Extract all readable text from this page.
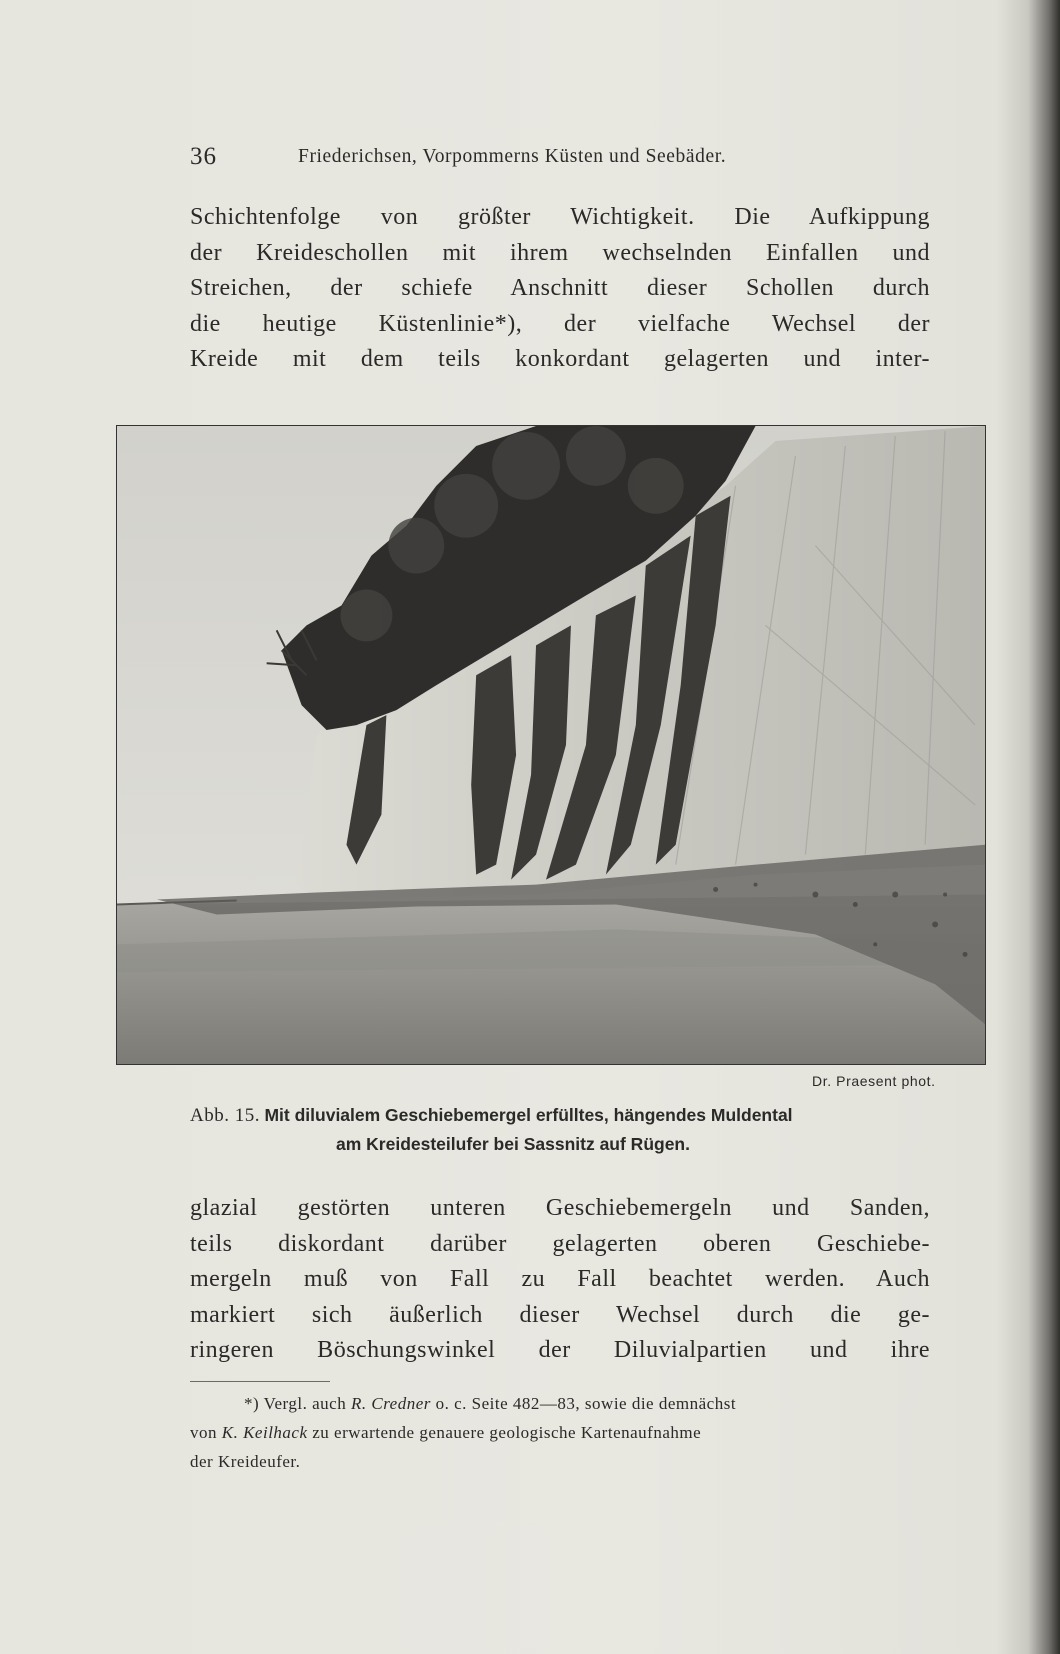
36	Friederichsen, Vorpommerns Küsten und Seebäder.
Schichtenfolge von größter Wichtigkeit. Die Aufkippung
der Kreideschollen mit ihrem wechselnden Einfallen und
Streichen, der schiefe Anschnitt dieser Schollen durch
die heutige Küstenlinie*), der vielfache Wechsel der
Kreide mit dem teils konkordant gelagerten und inter-
Dr. Praesent phot.
Abb. 15. Mit diluvialem Geschiebemergel erfülltes, hängendes Muldental
am Kreidesteilufer bei Sassnitz auf Rügen.
glazial gestörten unteren Geschiebemergeln und Sanden,
teils diskordant darüber gelagerten oberen Geschiebe-
mergeln muß von Fall zu Fall beachtet werden. Auch
markiert sich äußerlich dieser Wechsel durch die ge-
ringeren Böschungswinkel der Diluvialpartien und ihre
*) Vergl. auch R. Credner o. c. Seite 482—83, sowie die demnächst
von K. Keilhack zu erwartende genauere geologische Kartenaufnahme
der Kreideufer.
